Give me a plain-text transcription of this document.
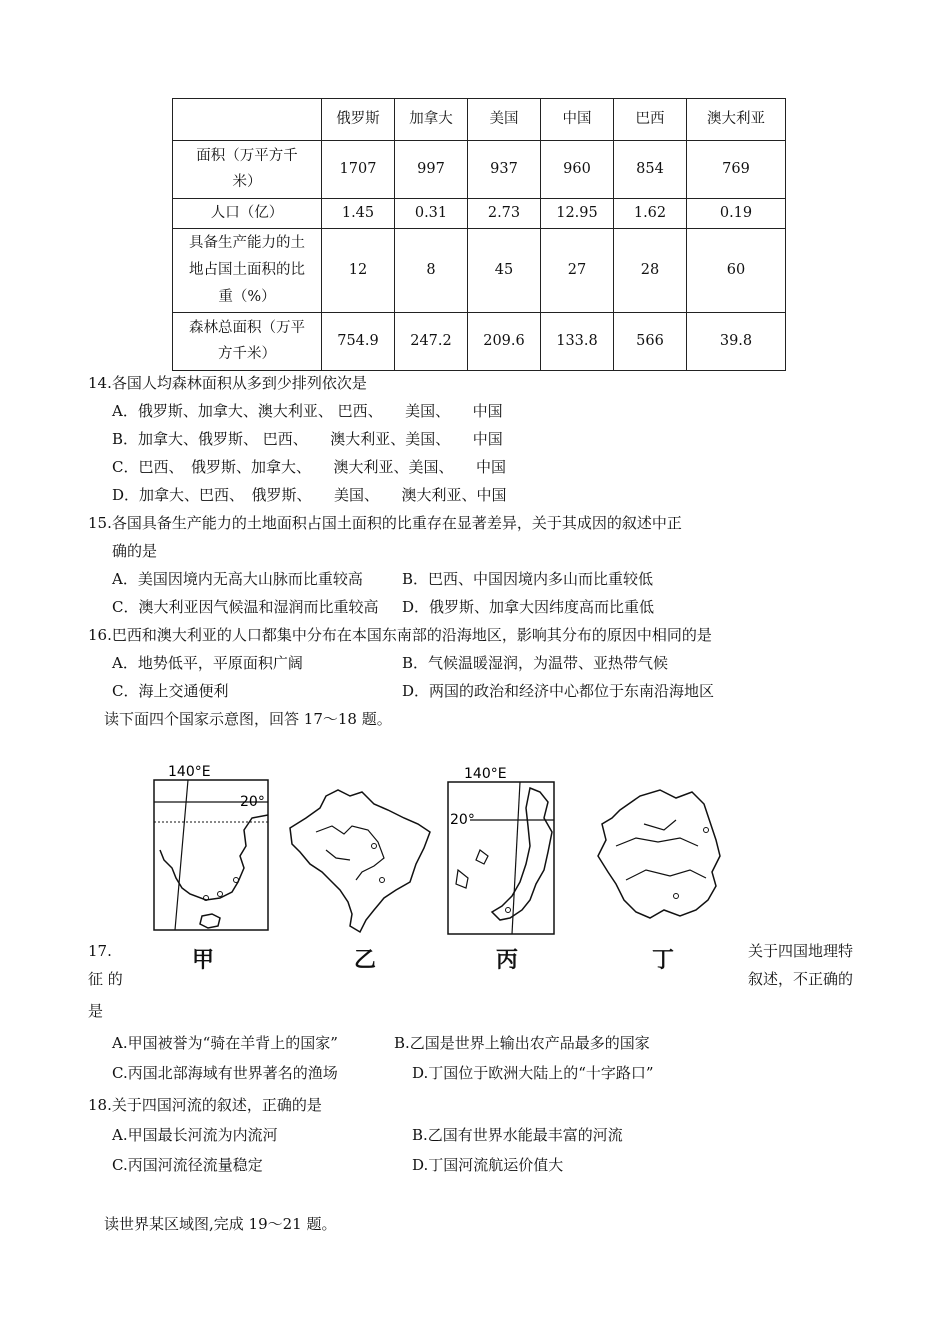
	俄罗斯	加拿大	美国	中国	巴西	澳大利亚
面积（万平方千米）	1707	997	937	960	854	769
人口（亿）	1.45	0.31	2.73	12.95	1.62	0.19
具备生产能力的土地占国土面积的比重（%）	12	8	45	27	28	60
森林总面积（万平方千米）	754.9	247.2	209.6	133.8	566	39.8
14.各国人均森林面积从多到少排列依次是
A．俄罗斯、加拿大、澳大利亚、 巴西、　　美国、　　中国
B．加拿大、俄罗斯、 巴西、　　澳大利亚、美国、　　中国
C．巴西、　俄罗斯、加拿大、　　澳大利亚、美国、　　中国
D．加拿大、巴西、　俄罗斯、　　美国、　　澳大利亚、中国
15.各国具备生产能力的土地面积占国土面积的比重存在显著差异，关于其成因的叙述中正
确的是
A．美国因境内无高大山脉而比重较高	B．巴西、中国因境内多山而比重较低
C．澳大利亚因气候温和湿润而比重较高 D．俄罗斯、加拿大因纬度高而比重低
16.巴西和澳大利亚的人口都集中分布在本国东南部的沿海地区，影响其分布的原因中相同的是
A．地势低平，平原面积广阔	B．气候温暖湿润，为温带、亚热带气候
C．海上交通便利	D．两国的政治和经济中心都位于东南沿海地区
读下面四个国家示意图，回答 17～18 题。
140°E
20°
140°E
20°
甲	乙	丙	丁
17.	关于四国地理特
征 的	叙述，不正确的
是
A.甲国被誉为“骑在羊背上的国家”	B.乙国是世界上输出农产品最多的国家
C.丙国北部海域有世界著名的渔场	D.丁国位于欧洲大陆上的“十字路口”
18.关于四国河流的叙述，正确的是
A.甲国最长河流为内流河	B.乙国有世界水能最丰富的河流
C.丙国河流径流量稳定	D.丁国河流航运价值大
读世界某区域图,完成 19～21 题。
